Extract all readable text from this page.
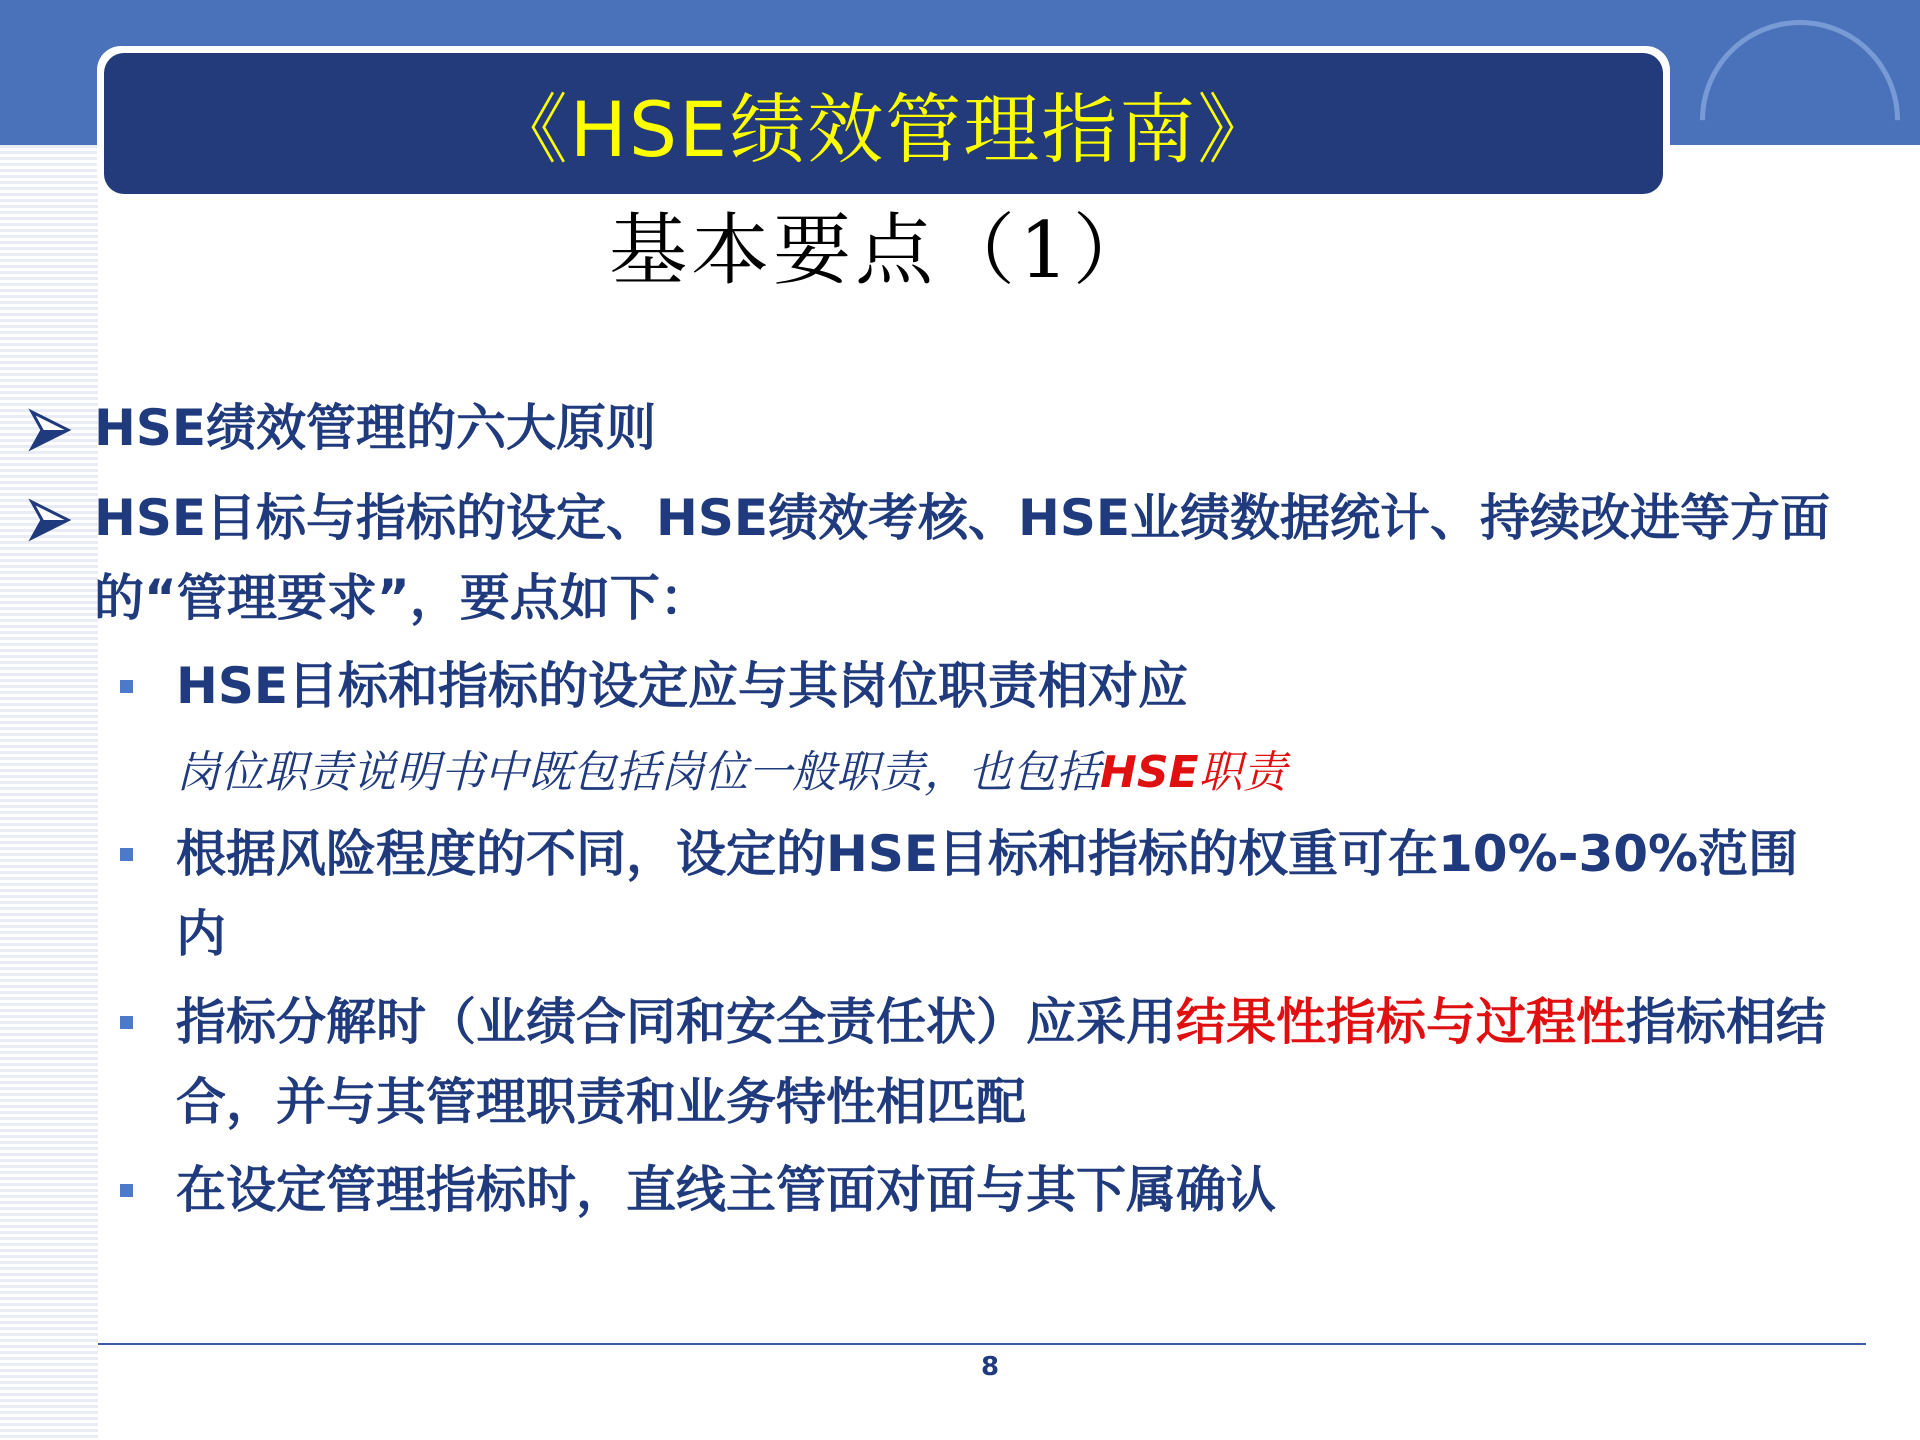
《HSE绩效管理指南》
基本要点（1）
HSE绩效管理的六大原则
HSE目标与指标的设定、HSE绩效考核、HSE业绩数据统计、持续改进等方面的“管理要求”，要点如下：
HSE目标和指标的设定应与其岗位职责相对应
岗位职责说明书中既包括岗位一般职责，也包括HSE职责
根据风险程度的不同，设定的HSE目标和指标的权重可在10%-30%范围内
指标分解时（业绩合同和安全责任状）应采用结果性指标与过程性指标相结合，并与其管理职责和业务特性相匹配
在设定管理指标时，直线主管面对面与其下属确认
8
